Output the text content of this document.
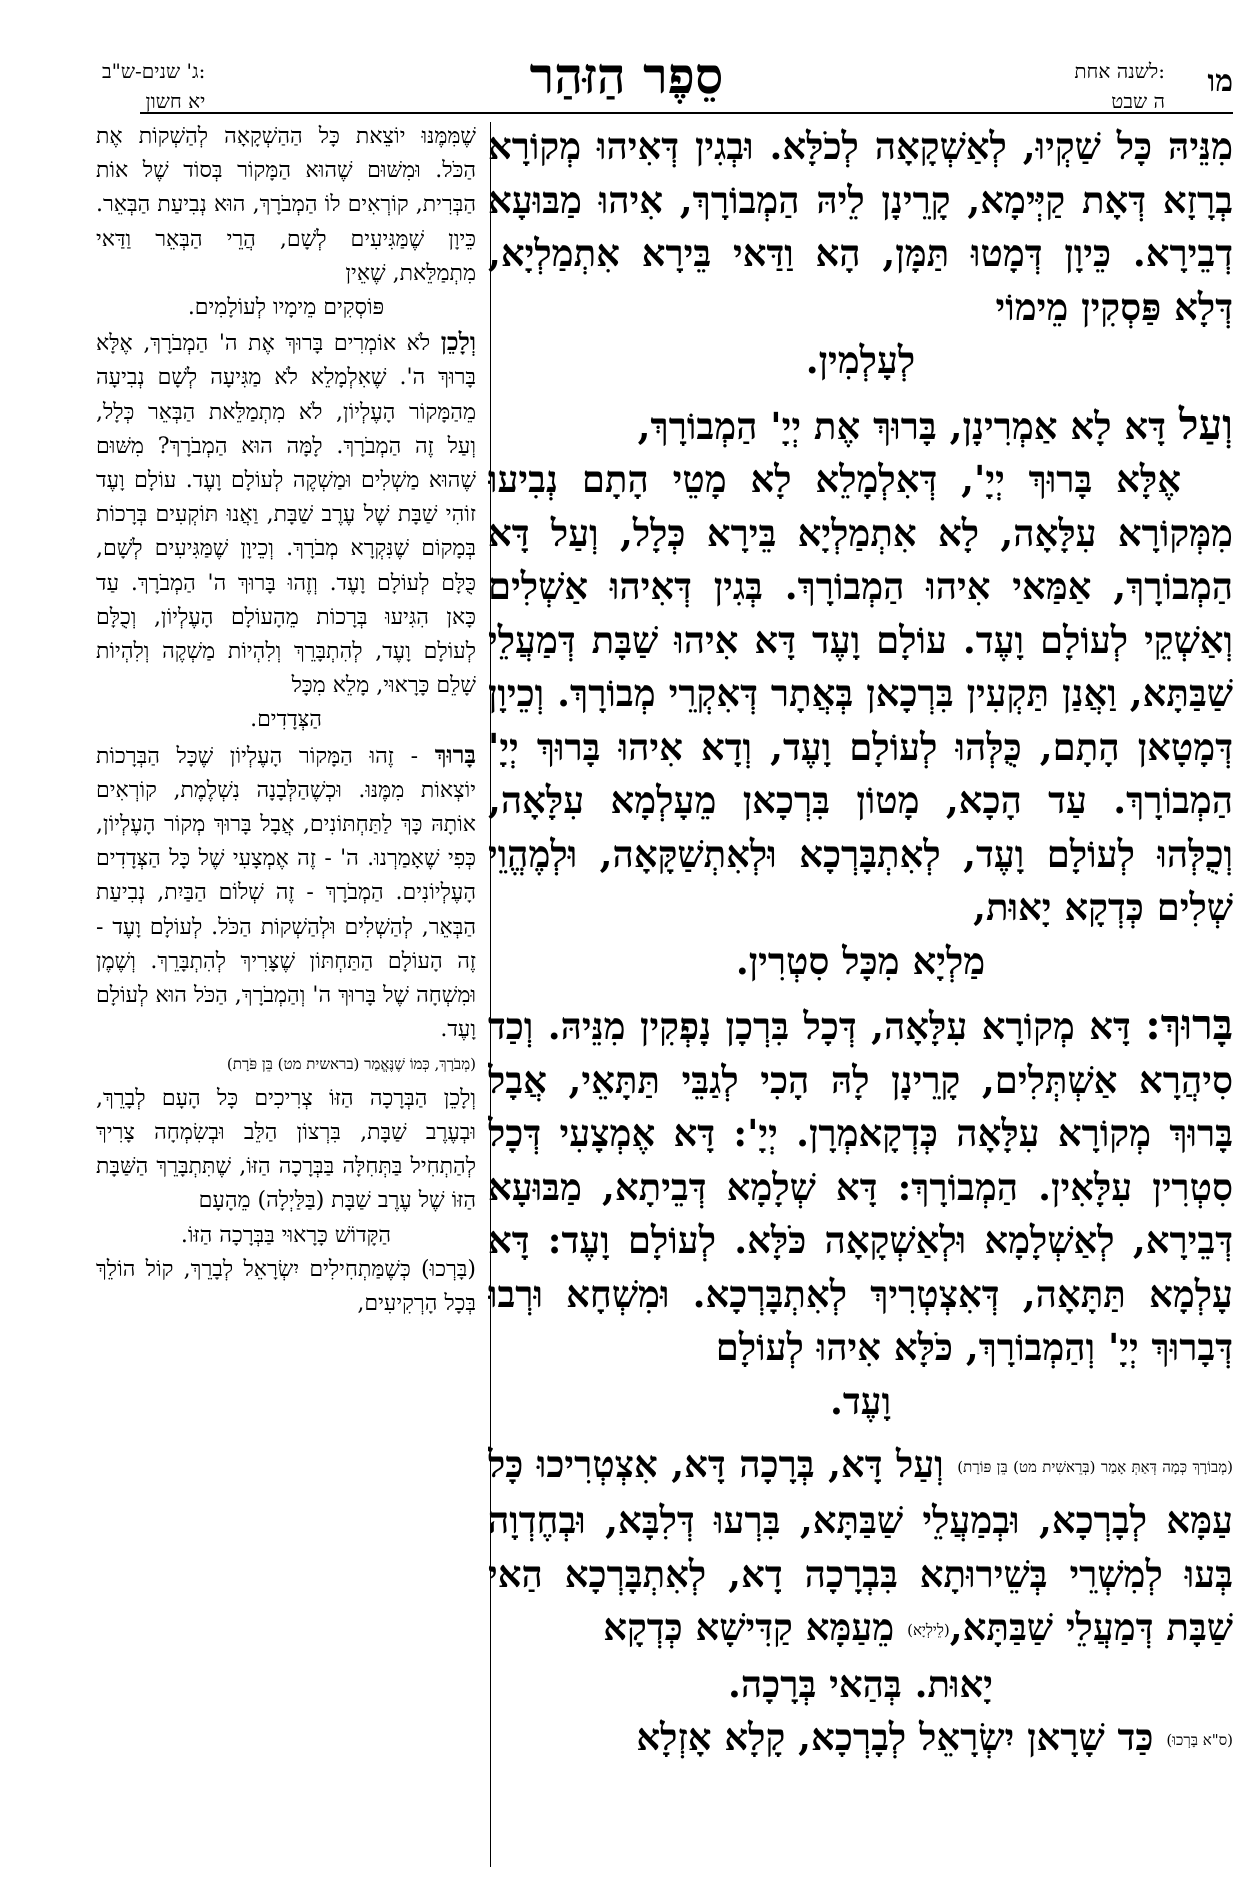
מו
לשנה אחת:
ה שבט
סֵפֶר הַזּהַר
ג' שנים-ש"ב:
יא חשון

מִנֵּיהּ כָּל שַׁקְיוּ, לְאַשְׁקָאָה לְכֹלָּא. וּבְגִין דְּאִיהוּ מְקוֹרָא בְרָזָא דְּאָת קַיְּימָא, קָרֵינָן לֵיהּ הַמְבוֹרָךְ, אִיהוּ מַבּוּעָא דְבֵירָא. כֵּיוָן דְּמָטוּ תַּמָּן, הָא וַדַּאי בֵּירָא אִתְמַלְיָא, דְּלָא פַּסְקִין מֵימוֹי

לְעָלְמִין.

וְעַל דָּא לָא אַמְרִינָן, בָּרוּךְ אֶת יְיָ' הַמְבוֹרָךְ,

אֶלָּא בָּרוּךְ יְיָ', דְּאִלְמָלֵא לָא מָטֵי הָתָם נְבִיעוּ מִמְּקוֹרָא עִלָּאָה, לָא אִתְמַלְיָא בֵּירָא כְּלָל, וְעַל דָּא הַמְבוֹרָךְ, אַמַּאי אִיהוּ הַמְבוֹרָךְ. בְּגִין דְּאִיהוּ אַשְׁלִים וְאַשְׁקֵי לְעוֹלָם וָעֶד. עוֹלָם וָעֶד דָּא אִיהוּ שַׁבָּת דְּמַעֲלֵי שַׁבַּתָּא, וַאֲנַן תַּקְעִין בִּרְכָאן בְּאֲתָר דְּאִקְרֵי מְבוֹרָךְ. וְכֵיוָן דְּמָטָאן הָתָם, כֻּלְּהוּ לְעוֹלָם וָעֶד, וְדָא אִיהוּ בָּרוּךְ יְיָ' הַמְבוֹרָךְ. עַד הָכָא, מָטוֹן בִּרְכָאן מֵעָלְמָא עִלָּאָה, וְכֻלְּהוּ לְעוֹלָם וָעֶד, לְאִתְבָּרְכָא וּלְאִתְשַׁקָּאָה, וּלְמֶהֱוֵי שְׁלִים כְּדְקָא יָאוּת,

מַלְיָא מִכָּל סִטְרִין.

בָּרוּךְ: דָּא מְקוֹרָא עִלָּאָה, דְּכָל בִּרְכָן נָפְקִין מִנֵּיהּ. וְכַד סִיהֲרָא אַשְׁתְּלִים, קָרֵינָן לָהּ הָכִי לְגַבֵּי תַּתָּאֵי, אֲבָל בָּרוּךְ מְקוֹרָא עִלָּאָה כְּדְקָאמְרָן. יְיָ': דָּא אֶמְצָעִי דְּכָל סִטְרִין עִלָּאִין. הַמְבוֹרָךְ: דָּא שְׁלָמָא דְּבֵיתָא, מַבּוּעָא דְּבֵירָא, לְאַשְׁלָמָא וּלְאַשְׁקָאָה כֹּלָּא. לְעוֹלָם וָעֶד: דָּא עָלְמָא תַּתָּאָה, דְּאִצְטְרִיךְ לְאִתְבָּרְכָא. וּמִשְׁחָא וּרְבוּ דְּבָרוּךְ יְיָ' וְהַמְבוֹרָךְ, כֹּלָּא אִיהוּ לְעוֹלָם

וָעֶד.

(מְבוֹרָךְ כְּמָה דְּאַתְּ אָמַר (בְּרֵאשִׁית מט) בֵּן פּוֹרָת) וְעַל דָּא, בְּרָכָה דָּא, אִצְטְרִיכוּ כָּל עַמָּא לְבָרְכָא, וּבְמַעֲלֵי שַׁבַּתָּא, בִּרְעוּ דְּלִבָּא, וּבְחֶדְוָה בְּעוּ לְמִשְׁרֵי בְּשֵׁירוּתָא בִּבְרָכָה דָא, לְאִתְבָּרְכָא הַאי שַׁבָּת דְּמַעֲלֵי שַׁבַּתָּא,(לֵילְיָא) מֵעַמָּא קַדִּישָׁא כְּדְקָא

יָאוּת. בְּהַאי בְּרָכָה.

(ס"א בָּרְכוּ) כַּד שָׁרָאן יִשְׂרָאֵל לְבָרְכָא, קָלָא אָזְלָא

שֶׁמִּמֶּנּוּ יוֹצֵאת כָּל הַהַשְׁקָאָה לְהַשְׁקוֹת אֶת הַכֹּל. וּמִשּׁוּם שֶׁהוּא הַמָּקוֹר בְּסוֹד שֶׁל אוֹת הַבְּרִית, קוֹרְאִים לוֹ הַמְבֹרָךְ, הוּא נְבִיעַת הַבְּאֵר. כֵּיוָן שֶׁמַּגִּיעִים לְשָׁם, הֲרֵי הַבְּאֵר וַדַּאי מִתְמַלֵּאת, שֶׁאֵין

פּוֹסְקִים מֵימָיו לְעוֹלָמִים.

וְלָכֵן לֹא אוֹמְרִים בָּרוּךְ אֶת ה' הַמְבֹרָךְ, אֶלָּא בָּרוּךְ ה'. שֶׁאִלְמָלֵא לֹא מַגִּיעָה לְשָׁם נְבִיעָה מֵהַמָּקוֹר הָעֶלְיוֹן, לֹא מִתְמַלֵּאת הַבְּאֵר כְּלָל, וְעַל זֶה הַמְבֹרָךְ. לָמָּה הוּא הַמְבֹרָךְ? מִשּׁוּם שֶׁהוּא מַשְׁלִים וּמַשְׁקֶה לְעוֹלָם וָעֶד. עוֹלָם וָעֶד זוֹהִי שַׁבָּת שֶׁל עֶרֶב שַׁבָּת, וַאֲנוּ תּוֹקְעִים בְּרָכוֹת בְּמָקוֹם שֶׁנִּקְרָא מְבֹרָךְ. וְכֵיוָן שֶׁמַּגִּיעִים לְשָׁם, כֻּלָּם לְעוֹלָם וָעֶד. וְזֶהוּ בָּרוּךְ ה' הַמְבֹרָךְ. עַד כָּאן הִגִּיעוּ בְּרָכוֹת מֵהָעוֹלָם הָעֶלְיוֹן, וְכֻלָּם לְעוֹלָם וָעֶד, לְהִתְבָּרֵךְ וְלִהְיוֹת מַשְׁקֶה וְלִהְיוֹת שָׁלֵם כָּרָאוּי, מָלֵא מִכָּל

הַצְּדָדִים.

בָּרוּךְ - זֶהוּ הַמָּקוֹר הָעֶלְיוֹן שֶׁכָּל הַבְּרָכוֹת יוֹצְאוֹת מִמֶּנּוּ. וּכְשֶׁהַלְּבָנָה נִשְׁלֶמֶת, קוֹרְאִים אוֹתָהּ כָּךְ לַתַּחְתּוֹנִים, אֲבָל בָּרוּךְ מְקוֹר הָעֶלְיוֹן, כְּפִי שֶׁאָמַרְנוּ. ה' - זֶה אֶמְצָעִי שֶׁל כָּל הַצְּדָדִים הָעֶלְיוֹנִים. הַמְבֹרָךְ - זֶה שְׁלוֹם הַבַּיִת, נְבִיעַת הַבְּאֵר, לְהַשְׁלִים וּלְהַשְׁקוֹת הַכֹּל. לְעוֹלָם וָעֶד - זֶה הָעוֹלָם הַתַּחְתּוֹן שֶׁצָּרִיךְ לְהִתְבָּרֵךְ. וְשֶׁמֶן וּמִשְׁחָה שֶׁל בָּרוּךְ ה' וְהַמְבֹרָךְ, הַכֹּל הוּא לְעוֹלָם וָעֶד.

(מְבֹרָךְ, כְּמוֹ שֶׁנֶּאֱמַר (בראשית מט) בֵּן פֹּרָת)

וְלָכֵן הַבְּרָכָה הַזּוֹ צְרִיכִים כָּל הָעָם לְבָרֵךְ, וּבְעֶרֶב שַׁבָּת, בִּרְצוֹן הַלֵּב וּבְשִׂמְחָה צָרִיךְ לְהַתְחִיל בַּתְּחִלָּה בַּבְּרָכָה הַזּוֹ, שֶׁתִּתְבָּרֵךְ הַשַּׁבָּת הַזּוֹ שֶׁל עֶרֶב שַׁבָּת (בַּלַּיְלָה) מֵהָעָם

הַקָּדוֹשׁ כָּרָאוּי בַּבְּרָכָה הַזּוֹ.

(בָּרְכוּ) כְּשֶׁמַּתְחִילִים יִשְׂרָאֵל לְבָרֵךְ, קוֹל הוֹלֵךְ בְּכָל הָרְקִיעִים,
